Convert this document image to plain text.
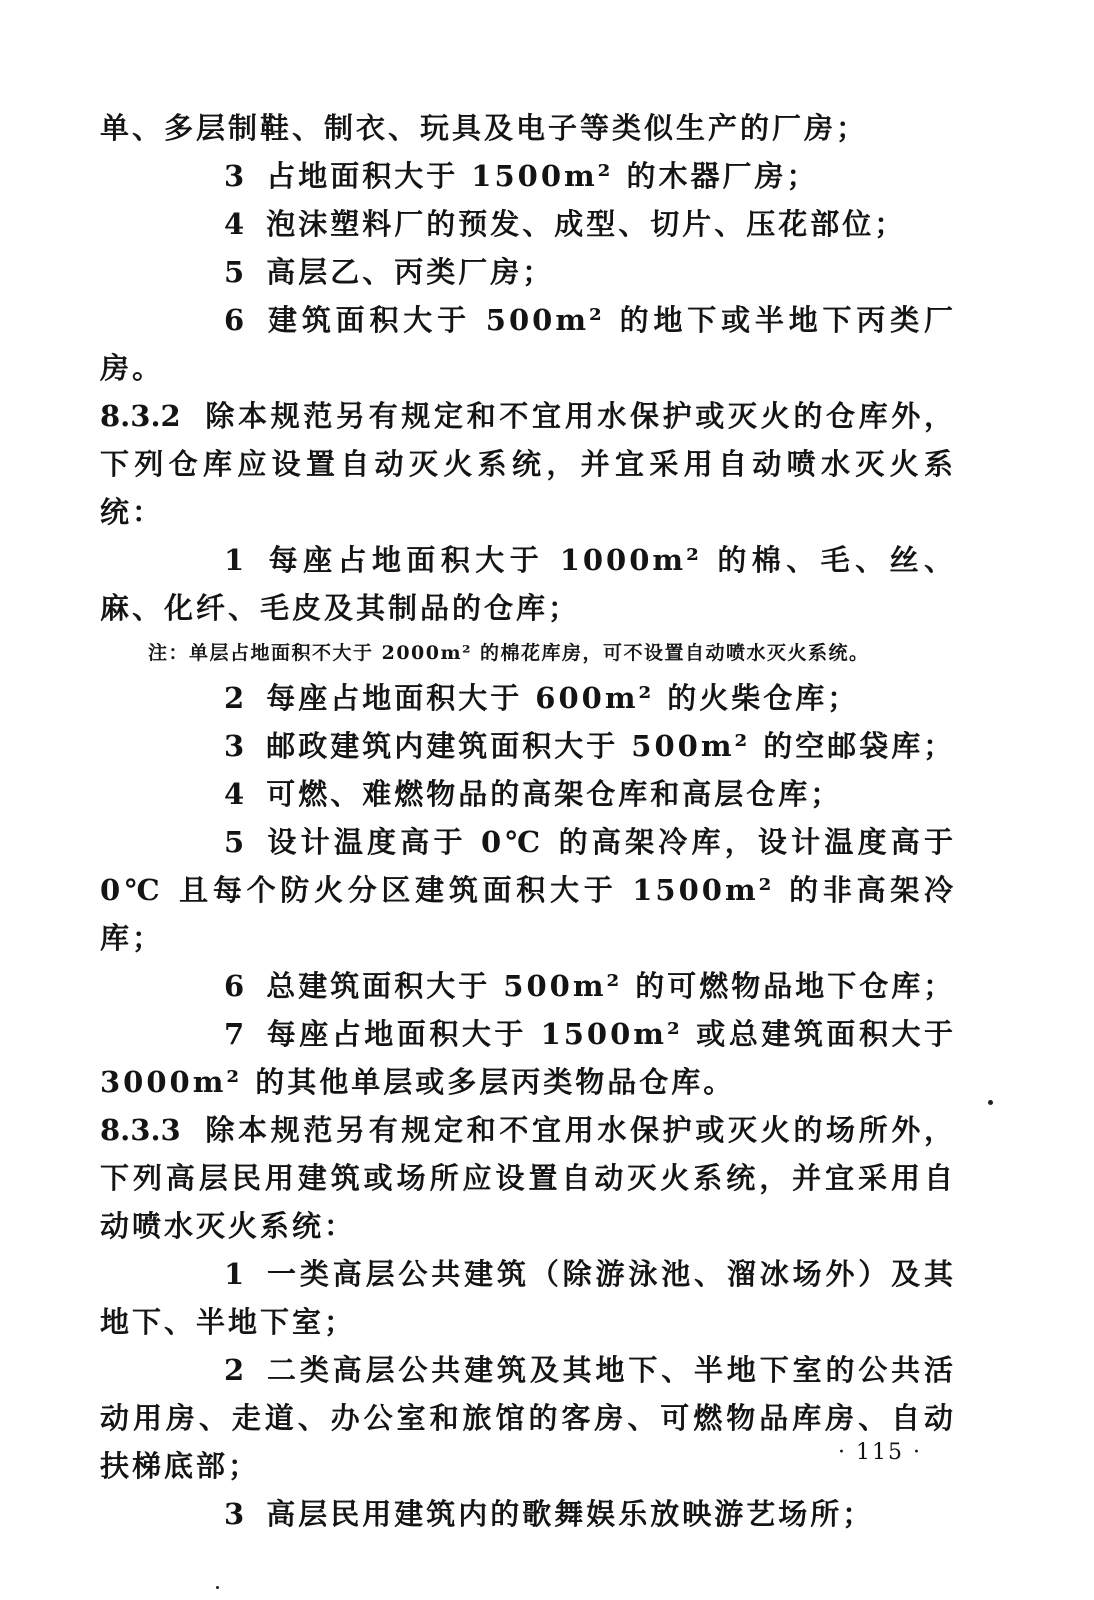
单、多层制鞋、制衣、玩具及电子等类似生产的厂房；

3 占地面积大于 1500m² 的木器厂房；

4 泡沫塑料厂的预发、成型、切片、压花部位；

5 高层乙、丙类厂房；

6 建筑面积大于 500m² 的地下或半地下丙类厂房。

8.3.2 除本规范另有规定和不宜用水保护或灭火的仓库外，下列仓库应设置自动灭火系统，并宜采用自动喷水灭火系统：

1 每座占地面积大于 1000m² 的棉、毛、丝、麻、化纤、毛皮及其制品的仓库；

注：单层占地面积不大于 2000m² 的棉花库房，可不设置自动喷水灭火系统。

2 每座占地面积大于 600m² 的火柴仓库；

3 邮政建筑内建筑面积大于 500m² 的空邮袋库；

4 可燃、难燃物品的高架仓库和高层仓库；

5 设计温度高于 0℃ 的高架冷库，设计温度高于 0℃ 且每个防火分区建筑面积大于 1500m² 的非高架冷库；

6 总建筑面积大于 500m² 的可燃物品地下仓库；

7 每座占地面积大于 1500m² 或总建筑面积大于 3000m² 的其他单层或多层丙类物品仓库。

8.3.3 除本规范另有规定和不宜用水保护或灭火的场所外，下列高层民用建筑或场所应设置自动灭火系统，并宜采用自动喷水灭火系统：

1 一类高层公共建筑（除游泳池、溜冰场外）及其地下、半地下室；

2 二类高层公共建筑及其地下、半地下室的公共活动用房、走道、办公室和旅馆的客房、可燃物品库房、自动扶梯底部；

3 高层民用建筑内的歌舞娱乐放映游艺场所；

· 115 ·
